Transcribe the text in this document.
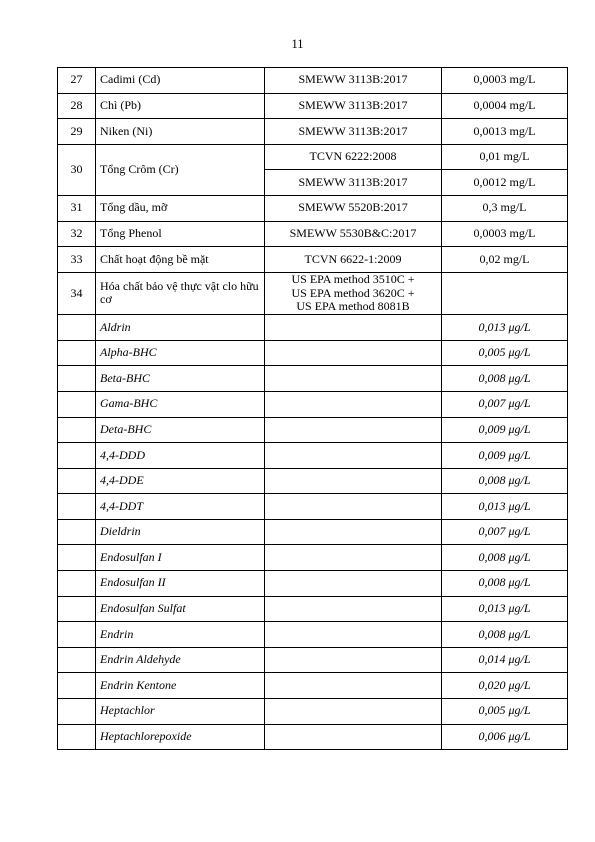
11
27	Cadimi (Cd)	SMEWW 3113B:2017	0,0003 mg/L
28	Chì (Pb)	SMEWW 3113B:2017	0,0004 mg/L
29	Niken (Ni)	SMEWW 3113B:2017	0,0013 mg/L
30	Tổng Crôm (Cr)	TCVN 6222:2008	0,01 mg/L
		SMEWW 3113B:2017	0,0012 mg/L
31	Tổng dầu, mỡ	SMEWW 5520B:2017	0,3 mg/L
32	Tổng Phenol	SMEWW 5530B&C:2017	0,0003 mg/L
33	Chất hoạt động bề mặt	TCVN 6622-1:2009	0,02 mg/L
34	Hóa chất bảo vệ thực vật clo hữu cơ	US EPA method 3510C +
US EPA method 3620C +
US EPA method 8081B	

	Aldrin		0,013 μg/L
	Alpha-BHC		0,005 μg/L
	Beta-BHC		0,008 μg/L
	Gama-BHC		0,007 μg/L
	Deta-BHC		0,009 μg/L
	4,4-DDD		0,009 μg/L
	4,4-DDE		0,008 μg/L
	4,4-DDT		0,013 μg/L
	Dieldrin		0,007 μg/L
	Endosulfan I		0,008 μg/L
	Endosulfan II		0,008 μg/L
	Endosulfan Sulfat		0,013 μg/L
	Endrin		0,008 μg/L
	Endrin Aldehyde		0,014 μg/L
	Endrin Kentone		0,020 μg/L
	Heptachlor		0,005 μg/L
	Heptachlorepoxide		0,006 μg/L
